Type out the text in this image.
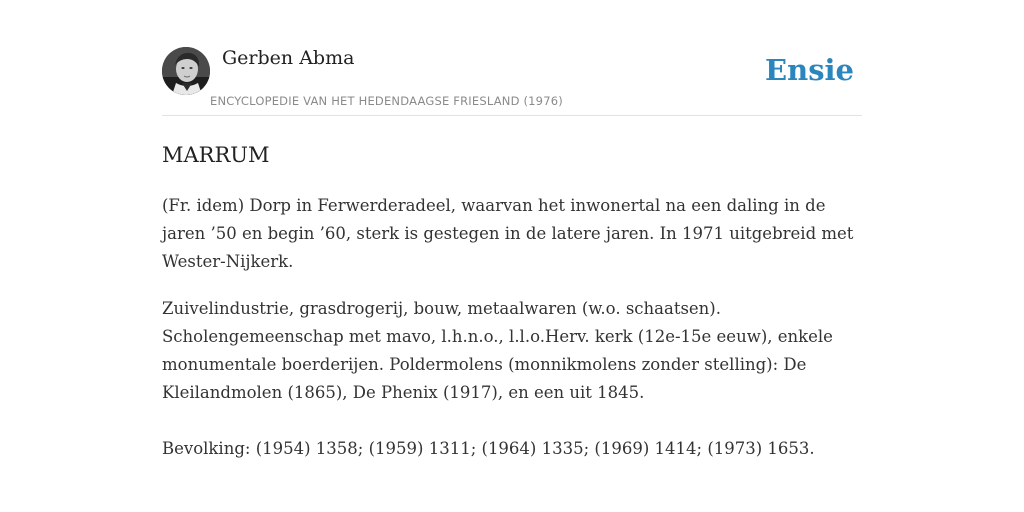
Gerben Abma
ENCYCLOPEDIE VAN HET HEDENDAAGSE FRIESLAND (1976)
Ensie
MARRUM

(Fr. idem) Dorp in Ferwerderadeel, waarvan het inwonertal na een daling in de jaren ’50 en begin ’60, sterk is gestegen in de latere jaren. In 1971 uitgebreid met Wester-Nijkerk.

Zuivelindustrie, grasdrogerij, bouw, metaalwaren (w.o. schaatsen). Scholengemeenschap met mavo, l.h.n.o., l.l.o.Herv. kerk (12e-15e eeuw), enkele monumentale boerderijen. Poldermolens (monnikmolens zonder stelling): De Kleilandmolen (1865), De Phenix (1917), en een uit 1845.

Bevolking: (1954) 1358; (1959) 1311; (1964) 1335; (1969) 1414; (1973) 1653.
